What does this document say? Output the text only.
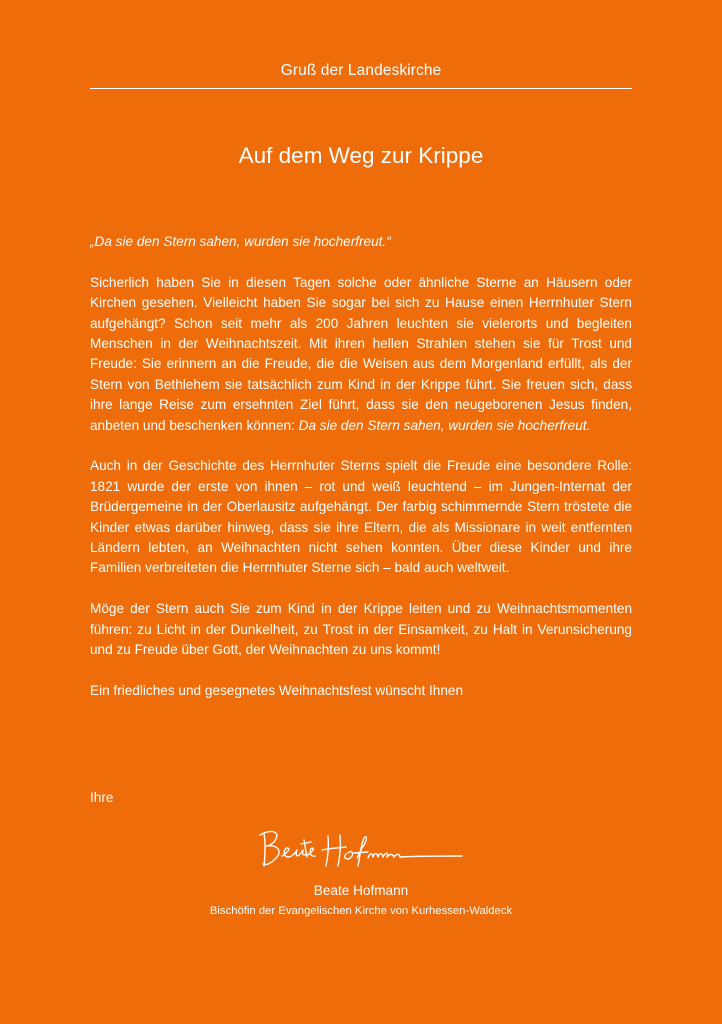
Gruß der Landeskirche
Auf dem Weg zur Krippe

„Da sie den Stern sahen, wurden sie hocherfreut.“

Sicherlich haben Sie in diesen Tagen solche oder ähnliche Sterne an Häusern oder Kirchen gesehen. Vielleicht haben Sie sogar bei sich zu Hause einen Herrnhuter Stern aufgehängt? Schon seit mehr als 200 Jahren leuchten sie vielerorts und begleiten Menschen in der Weihnachtszeit. Mit ihren hellen Strahlen stehen sie für Trost und Freude: Sie erinnern an die Freude, die die Weisen aus dem Morgenland erfüllt, als der Stern von Bethlehem sie tatsächlich zum Kind in der Krippe führt. Sie freuen sich, dass ihre lange Reise zum ersehnten Ziel führt, dass sie den neugeborenen Jesus finden, anbeten und beschenken können: Da sie den Stern sahen, wurden sie hocherfreut.

Auch in der Geschichte des Herrnhuter Sterns spielt die Freude eine besondere Rolle: 1821 wurde der erste von ihnen – rot und weiß leuchtend – im Jungen-Internat der Brüdergemeine in der Oberlausitz aufgehängt. Der farbig schimmernde Stern tröstete die Kinder etwas darüber hinweg, dass sie ihre Eltern, die als Missionare in weit entfernten Ländern lebten, an Weihnachten nicht sehen konnten. Über diese Kinder und ihre Familien verbreiteten die Herrnhuter Sterne sich – bald auch weltweit.

Möge der Stern auch Sie zum Kind in der Krippe leiten und zu Weihnachtsmomenten führen: zu Licht in der Dunkelheit, zu Trost in der Einsamkeit, zu Halt in Verunsicherung und zu Freude über Gott, der Weihnachten zu uns kommt!

Ein friedliches und gesegnetes Weihnachtsfest wünscht Ihnen

Ihre
Beate Hofmann
Bischöfin der Evangelischen Kirche von Kurhessen-Waldeck
